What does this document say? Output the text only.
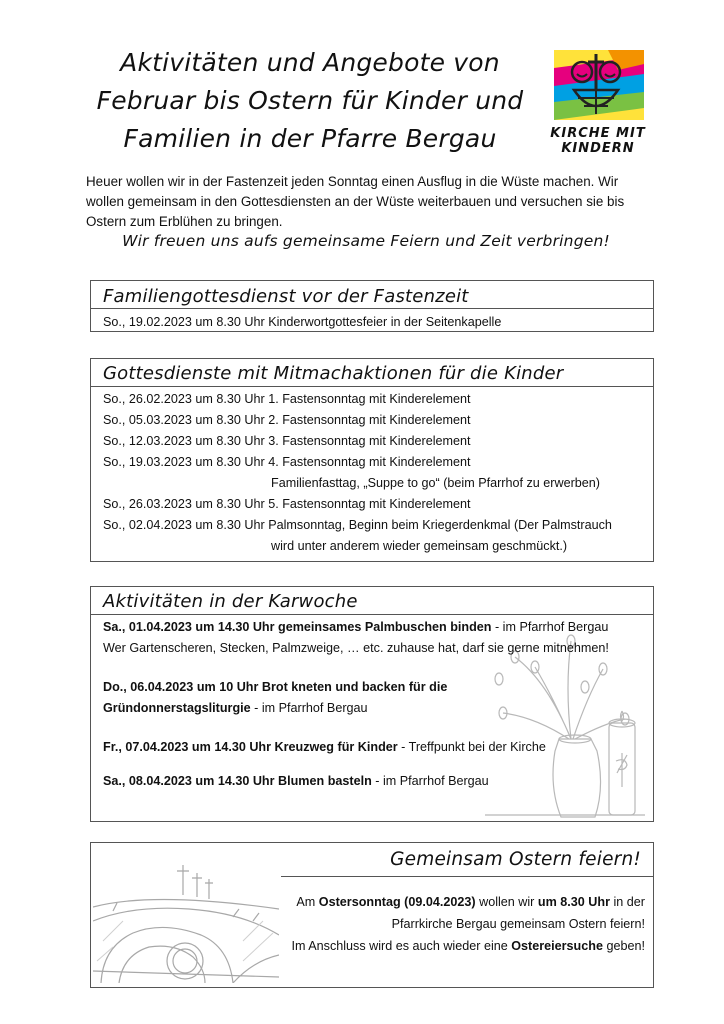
Aktivitäten und Angebote von
Februar bis Ostern für Kinder und
Familien in der Pfarre Bergau	KIRCHE MIT
KINDERN
Heuer wollen wir in der Fastenzeit jeden Sonntag einen Ausflug in die Wüste machen. Wir wollen gemeinsam in den Gottesdiensten an der Wüste weiterbauen und versuchen sie bis Ostern zum Erblühen zu bringen.
Wir freuen uns aufs gemeinsame Feiern und Zeit verbringen!
Familiengottesdienst vor der Fastenzeit
So., 19.02.2023 um 8.30 Uhr Kinderwortgottesfeier in der Seitenkapelle
Gottesdienste mit Mitmachaktionen für die Kinder
So., 26.02.2023 um 8.30 Uhr 1. Fastensonntag mit Kinderelement
So., 05.03.2023 um 8.30 Uhr 2. Fastensonntag mit Kinderelement
So., 12.03.2023 um 8.30 Uhr 3. Fastensonntag mit Kinderelement
So., 19.03.2023 um 8.30 Uhr 4. Fastensonntag mit Kinderelement
Familienfasttag, „Suppe to go“ (beim Pfarrhof zu erwerben)
So., 26.03.2023 um 8.30 Uhr 5. Fastensonntag mit Kinderelement
So., 02.04.2023 um 8.30 Uhr Palmsonntag, Beginn beim Kriegerdenkmal (Der Palmstrauch
wird unter anderem wieder gemeinsam geschmückt.)
Aktivitäten in der Karwoche
Sa., 01.04.2023 um 14.30 Uhr gemeinsames Palmbuschen binden - im Pfarrhof Bergau
Wer Gartenscheren, Stecken, Palmzweige, … etc. zuhause hat, darf sie gerne mitnehmen!
Do., 06.04.2023 um 10 Uhr Brot kneten und backen für die
Gründonnerstagsliturgie - im Pfarrhof Bergau
Fr., 07.04.2023 um 14.30 Uhr Kreuzweg für Kinder - Treffpunkt bei der Kirche
Sa., 08.04.2023 um 14.30 Uhr Blumen basteln - im Pfarrhof Bergau
Gemeinsam Ostern feiern!
Am Ostersonntag (09.04.2023) wollen wir um 8.30 Uhr in der
Pfarrkirche Bergau gemeinsam Ostern feiern!
Im Anschluss wird es auch wieder eine Ostereiersuche geben!
